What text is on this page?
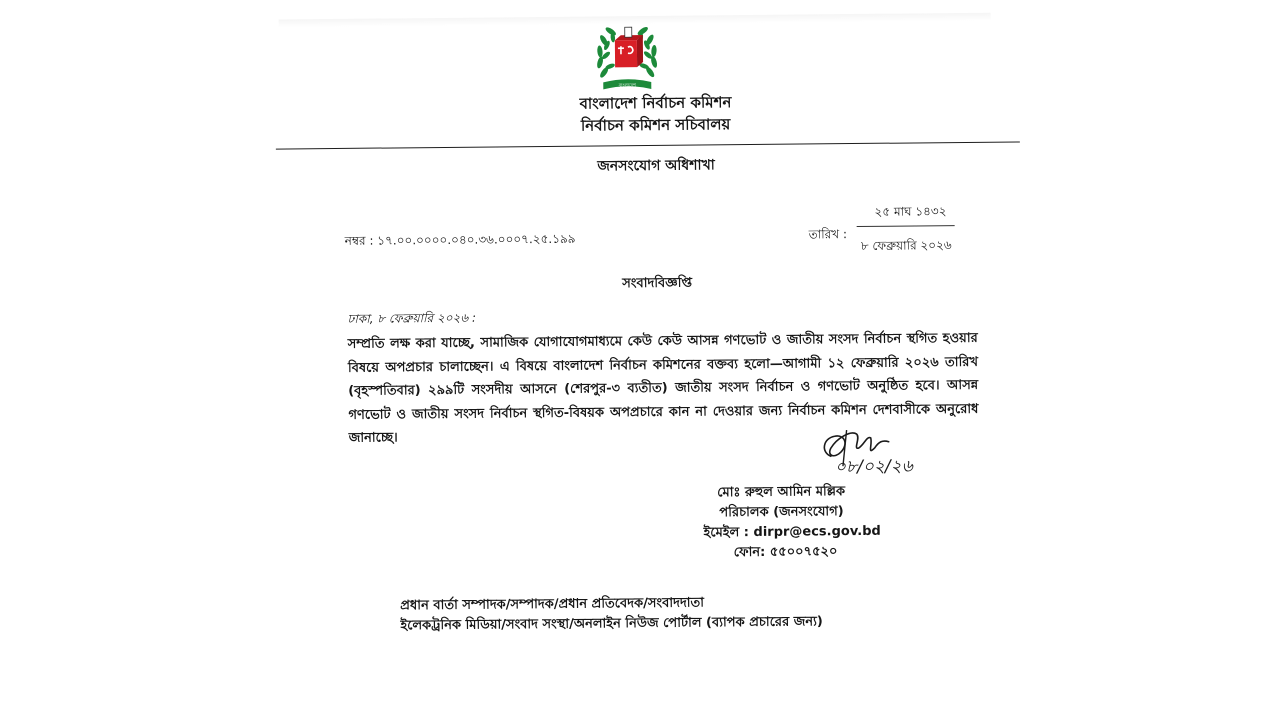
বাংলাদেশ
বাংলাদেশ নির্বাচন কমিশন
নির্বাচন কমিশন সচিবালয়
জনসংযোগ অধিশাখা
নম্বর : ১৭.০০.০০০০.০৪০.৩৬.০০০৭.২৫.১৯৯	তারিখ :
২৫ মাঘ ১৪৩২
৮ ফেব্রুয়ারি ২০২৬
সংবাদবিজ্ঞপ্তি
ঢাকা, ৮ ফেব্রুয়ারি ২০২৬ :
সম্প্রতি লক্ষ করা যাচ্ছে, সামাজিক যোগাযোগমাধ্যমে কেউ কেউ আসন্ন গণভোট ও জাতীয় সংসদ নির্বাচন স্থগিত হওয়ার বিষয়ে অপপ্রচার চালাচ্ছেন। এ বিষয়ে বাংলাদেশ নির্বাচন কমিশনের বক্তব্য হলো—আগামী ১২ ফেব্রুয়ারি ২০২৬ তারিখ (বৃহস্পতিবার) ২৯৯টি সংসদীয় আসনে (শেরপুর-৩ ব্যতীত) জাতীয় সংসদ নির্বাচন ও গণভোট অনুষ্ঠিত হবে। আসন্ন গণভোট ও জাতীয় সংসদ নির্বাচন স্থগিত-বিষয়ক অপপ্রচারে কান না দেওয়ার জন্য নির্বাচন কমিশন দেশবাসীকে অনুরোধ জানাচ্ছে।
০৮/০২/২৬
মোঃ রুহুল আমিন মল্লিক
পরিচালক (জনসংযোগ)
ইমেইল : dirpr@ecs.gov.bd
ফোন: ৫৫০০৭৫২০
প্রধান বার্তা সম্পাদক/সম্পাদক/প্রধান প্রতিবেদক/সংবাদদাতা
ইলেকট্রনিক মিডিয়া/সংবাদ সংস্থা/অনলাইন নিউজ পোর্টাল (ব্যাপক প্রচারের জন্য)
